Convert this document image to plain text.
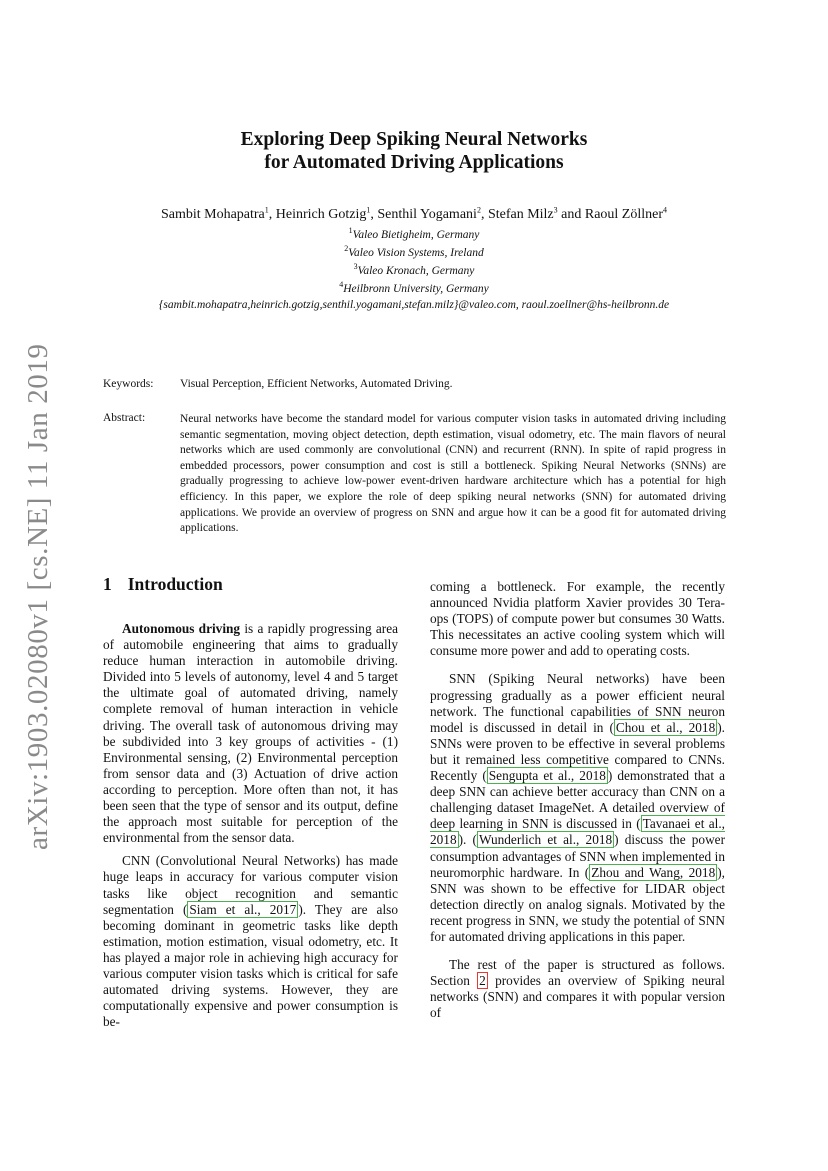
arXiv:1903.02080v1 [cs.NE] 11 Jan 2019
Exploring Deep Spiking Neural Networks
for Automated Driving Applications
Sambit Mohapatra$^1$, Heinrich Gotzig$^1$, Senthil Yogamani$^2$, Stefan Milz$^3$ and Raoul Zöllner$^4$
$^1$Valeo Bietigheim, Germany
$^2$Valeo Vision Systems, Ireland
$^3$Valeo Kronach, Germany
$^4$Heilbronn University, Germany
{sambit.mohapatra,heinrich.gotzig,senthil.yogamani,stefan.milz}@valeo.com, raoul.zoellner@hs-heilbronn.de
Keywords: Visual Perception, Efficient Networks, Automated Driving.
Abstract:	Neural networks have become the standard model for various computer vision tasks in automated driving including semantic segmentation, moving object detection, depth estimation, visual odometry, etc. The main flavors of neural networks which are used commonly are convolutional (CNN) and recurrent (RNN). In spite of rapid progress in embedded processors, power consumption and cost is still a bottleneck. Spiking Neural Networks (SNNs) are gradually progressing to achieve low-power event-driven hardware architecture which has a potential for high efficiency. In this paper, we explore the role of deep spiking neural networks (SNN) for automated driving applications. We provide an overview of progress on SNN and argue how it can be a good fit for automated driving applications.
1 Introduction

Autonomous driving is a rapidly progressing area of automobile engineering that aims to gradually reduce human interaction in automobile driving. Divided into 5 levels of autonomy, level 4 and 5 target the ultimate goal of automated driving, namely complete removal of human interaction in vehicle driving. The overall task of autonomous driving may be subdivided into 3 key groups of activities - (1) Environmental sensing, (2) Environmental perception from sensor data and (3) Actuation of drive action according to perception. More often than not, it has been seen that the type of sensor and its output, define the approach most suitable for perception of the environmental from the sensor data.

CNN (Convolutional Neural Networks) has made huge leaps in accuracy for various computer vision tasks like object recognition and semantic segmentation ( Siam et al., 2017 ). They are also becoming dominant in geometric tasks like depth estimation, motion estimation, visual odometry, etc. It has played a major role in achieving high accuracy for various computer vision tasks which is critical for safe automated driving systems. However, they are computationally expensive and power consumption is be-

coming a bottleneck. For example, the recently announced Nvidia platform Xavier provides 30 Tera-ops (TOPS) of compute power but consumes 30 Watts. This necessitates an active cooling system which will consume more power and add to operating costs.

SNN (Spiking Neural networks) have been progressing gradually as a power efficient neural network. The functional capabilities of SNN neuron model is discussed in detail in ( Chou et al., 2018 ). SNNs were proven to be effective in several problems but it remained less competitive compared to CNNs. Recently ( Sengupta et al., 2018 ) demonstrated that a deep SNN can achieve better accuracy than CNN on a challenging dataset ImageNet. A detailed overview of deep learning in SNN is discussed in ( Tavanaei et al., 2018 ). ( Wunderlich et al., 2018 ) discuss the power consumption advantages of SNN when implemented in neuromorphic hardware. In ( Zhou and Wang, 2018 ), SNN was shown to be effective for LIDAR object detection directly on analog signals. Motivated by the recent progress in SNN, we study the potential of SNN for automated driving applications in this paper.

The rest of the paper is structured as follows. Section 2 provides an overview of Spiking neural networks (SNN) and compares it with popular version of
